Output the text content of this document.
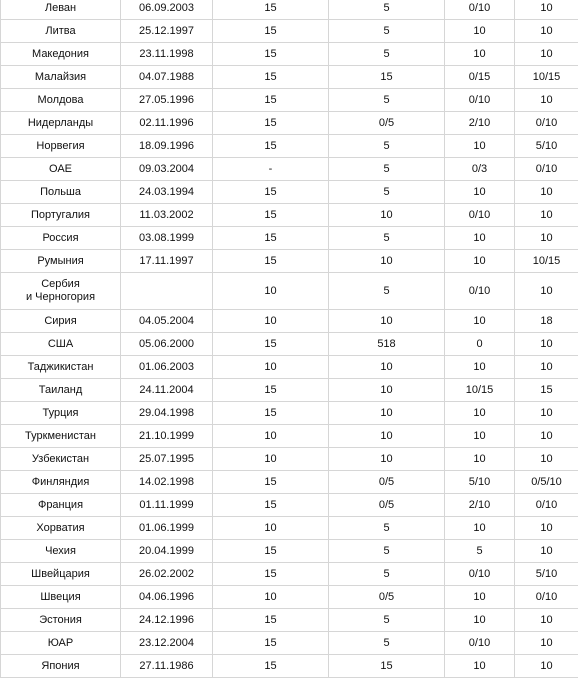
Леван	06.09.2003	15	5	0/10	10
Литва	25.12.1997	15	5	10	10
Македония	23.11.1998	15	5	10	10
Малайзия	04.07.1988	15	15	0/15	10/15
Молдова	27.05.1996	15	5	0/10	10
Нидерланды	02.11.1996	15	0/5	2/10	0/10
Норвегия	18.09.1996	15	5	10	5/10
ОАЕ	09.03.2004	-	5	0/3	0/10
Польша	24.03.1994	15	5	10	10
Португалия	11.03.2002	15	10	0/10	10
Россия	03.08.1999	15	5	10	10
Румыния	17.11.1997	15	10	10	10/15
Сербия
и Черногория		10	5	0/10	10
Сирия	04.05.2004	10	10	10	18
США	05.06.2000	15	518	0	10
Таджикистан	01.06.2003	10	10	10	10
Таиланд	24.11.2004	15	10	10/15	15
Турция	29.04.1998	15	10	10	10
Туркменистан	21.10.1999	10	10	10	10
Узбекистан	25.07.1995	10	10	10	10
Финляндия	14.02.1998	15	0/5	5/10	0/5/10
Франция	01.11.1999	15	0/5	2/10	0/10
Хорватия	01.06.1999	10	5	10	10
Чехия	20.04.1999	15	5	5	10
Швейцария	26.02.2002	15	5	0/10	5/10
Швеция	04.06.1996	10	0/5	10	0/10
Эстония	24.12.1996	15	5	10	10
ЮАР	23.12.2004	15	5	0/10	10
Япония	27.11.1986	15	15	10	10
